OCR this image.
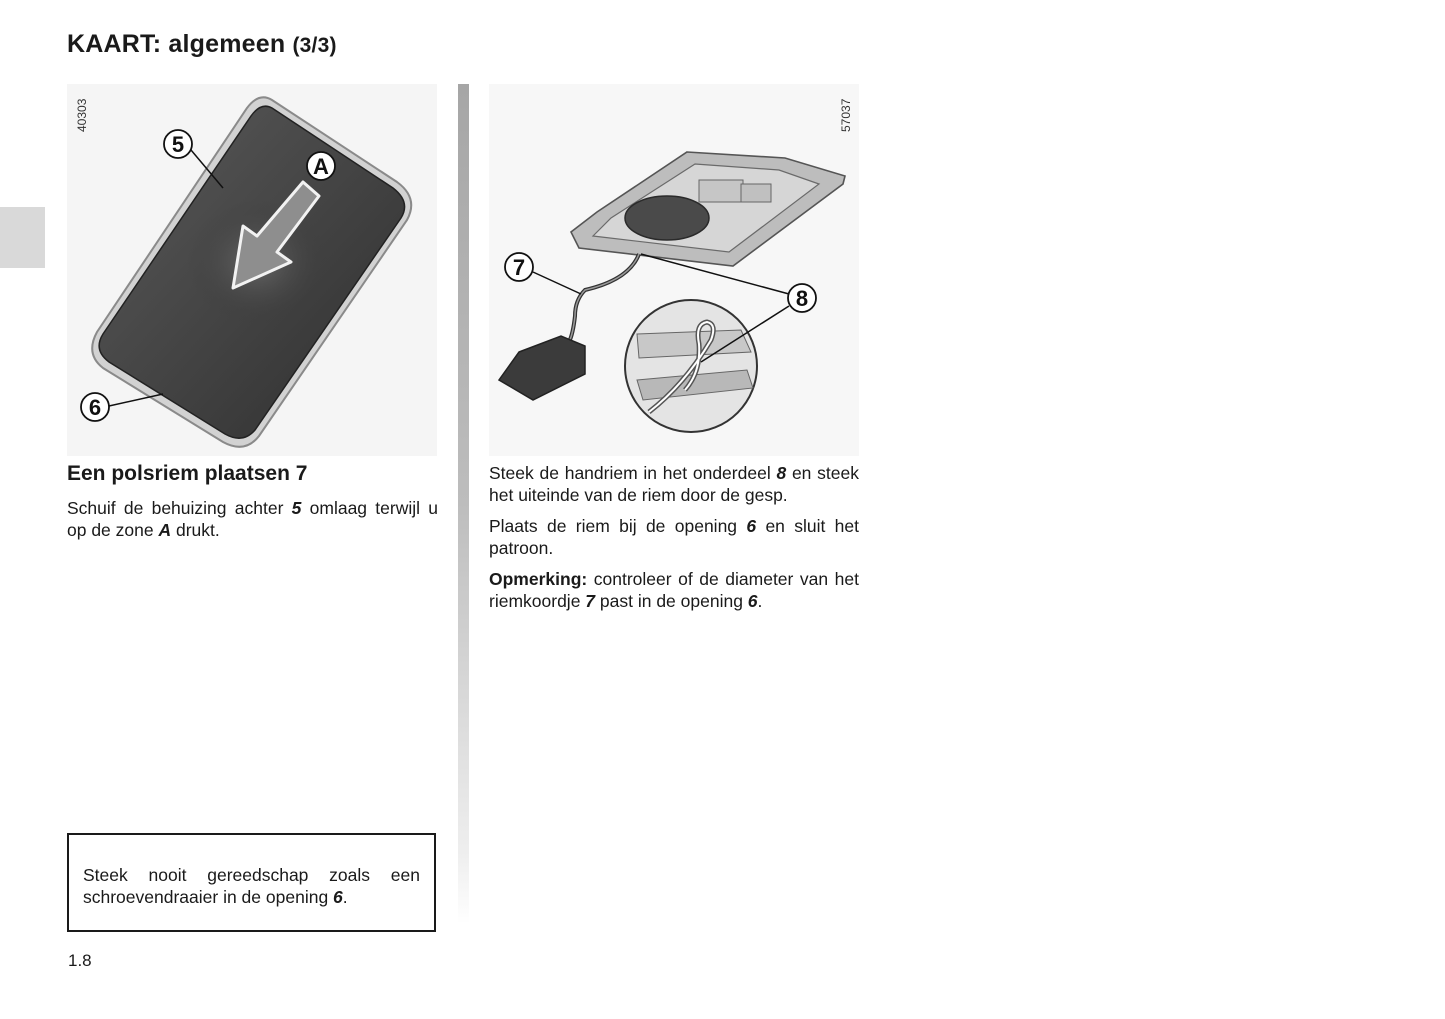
KAART: algemeen (3/3)
5
A
6
40303
Een polsriem plaatsen 7

Schuif de behuizing achter 5 omlaag terwijl u op de zone A drukt.

Steek nooit gereedschap zoals een schroevendraaier in de opening 6.

7
8
57037

Steek de handriem in het onderdeel 8 en steek het uiteinde van de riem door de gesp.

Plaats de riem bij de opening 6 en sluit het patroon.

Opmerking: controleer of de diameter van het riemkoordje 7 past in de opening 6.

1.8
